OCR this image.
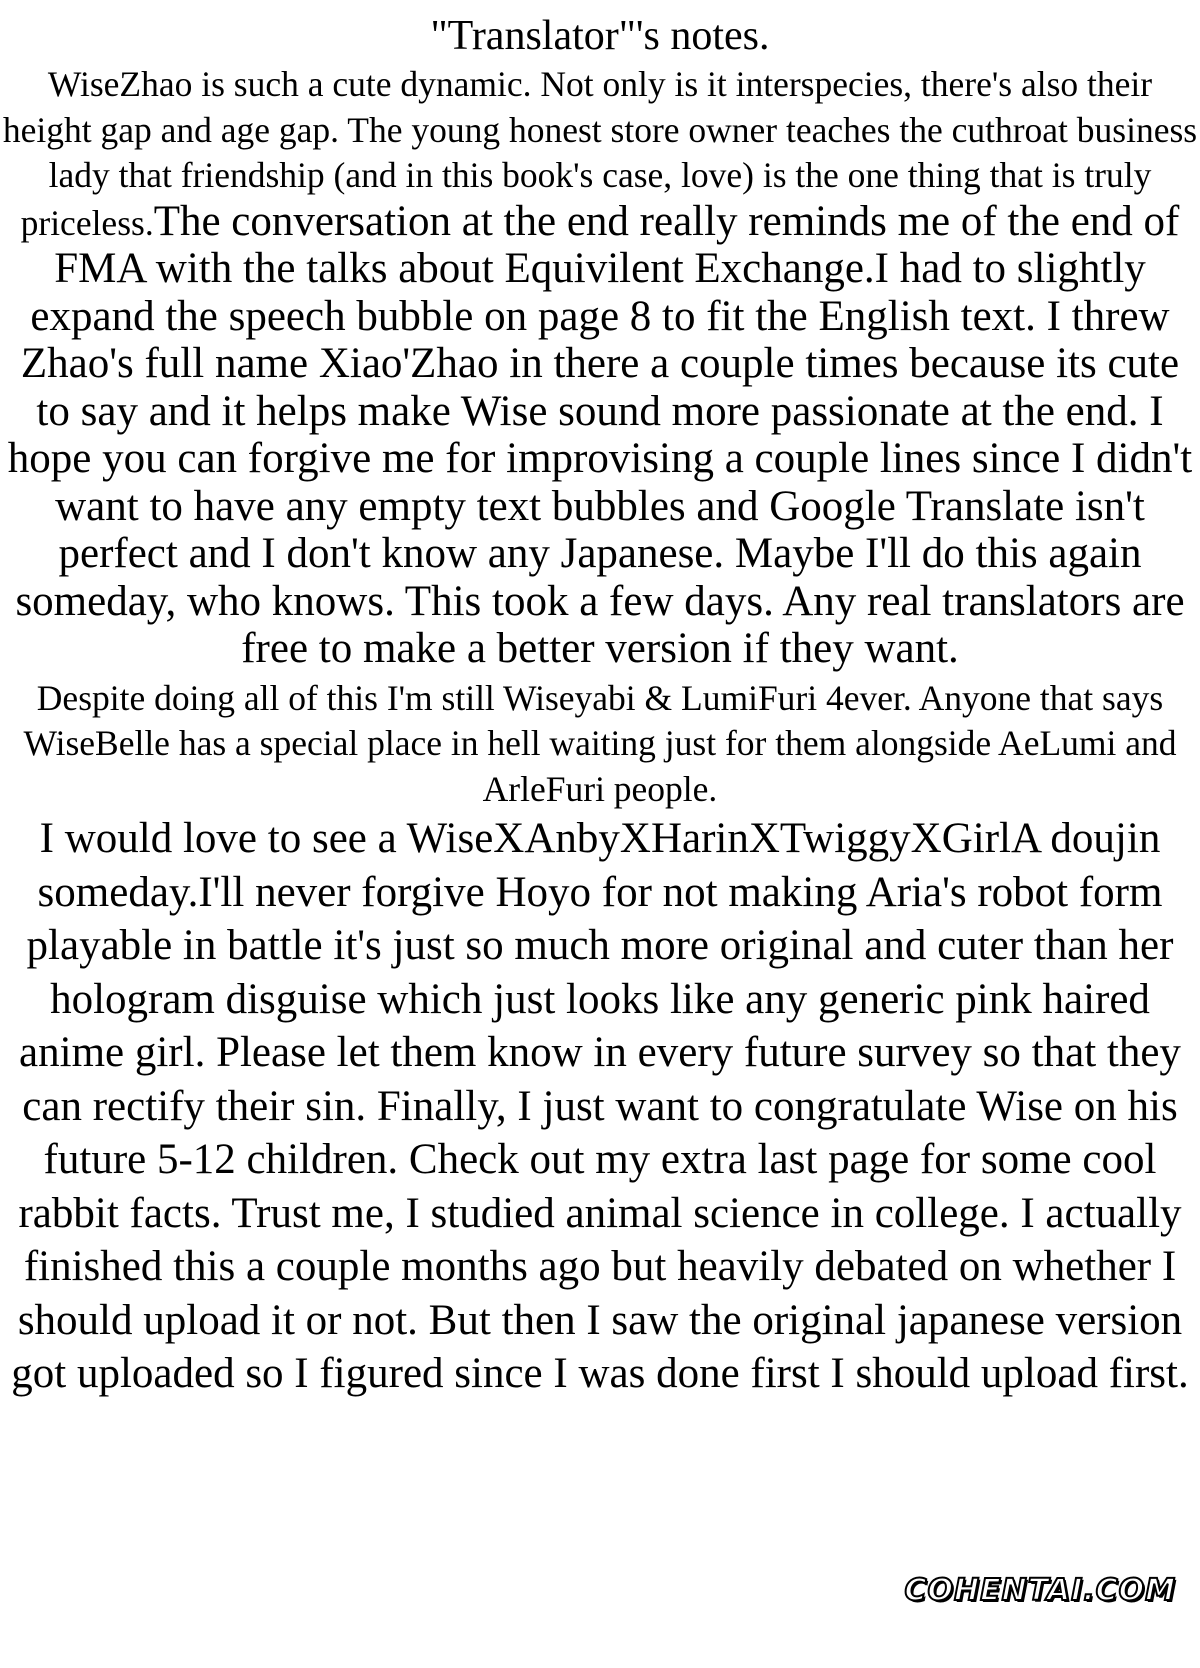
"Translator"'s notes.

WiseZhao is such a cute dynamic. Not only is it interspecies, there's also their height gap and age gap. The young honest store owner teaches the cuthroat business lady that friendship (and in this book's case, love) is the one thing that is truly priceless.The conversation at the end really reminds me of the end of FMA with the talks about Equivilent Exchange.I had to slightly expand the speech bubble on page 8 to fit the English text. I threw Zhao's full name Xiao'Zhao in there a couple times because its cute to say and it helps make Wise sound more passionate at the end. I hope you can forgive me for improvising a couple lines since I didn't want to have any empty text bubbles and Google Translate isn't perfect and I don't know any Japanese. Maybe I'll do this again someday, who knows. This took a few days. Any real translators are free to make a better version if they want.

Despite doing all of this I'm still Wiseyabi & LumiFuri 4ever. Anyone that says WiseBelle has a special place in hell waiting just for them alongside AeLumi and ArleFuri people.

I would love to see a WiseXAnbyXHarinXTwiggyXGirlA doujin someday.I'll never forgive Hoyo for not making Aria's robot form playable in battle it's just so much more original and cuter than her hologram disguise which just looks like any generic pink haired anime girl. Please let them know in every future survey so that they can rectify their sin. Finally, I just want to congratulate Wise on his future 5-12 children. Check out my extra last page for some cool rabbit facts. Trust me, I studied animal science in college. I actually finished this a couple months ago but heavily debated on whether I should upload it or not. But then I saw the original japanese version got uploaded so I figured since I was done first I should upload first.

COHENTAI.COM
